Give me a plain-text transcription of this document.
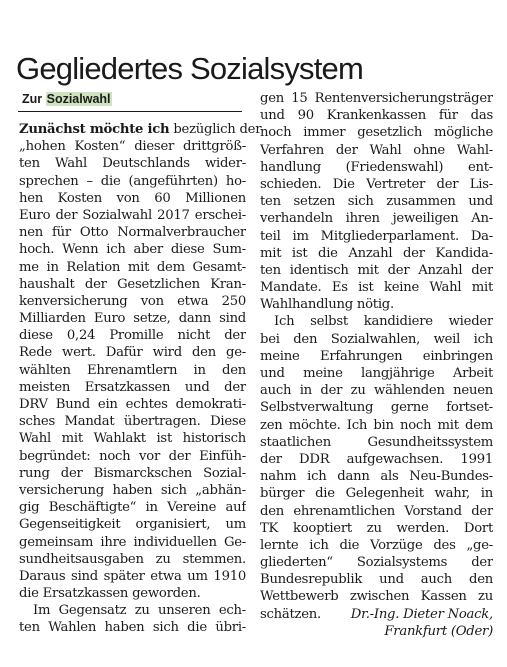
Gegliedertes Sozialsystem
Zur Sozialwahl
Zunächst möchte ich bezüglich der
„hohen Kosten“ dieser drittgröß-
ten Wahl Deutschlands wider-
sprechen – die (angeführten) ho-
hen Kosten von 60 Millionen
Euro der Sozialwahl 2017 erschei-
nen für Otto Normalverbraucher
hoch. Wenn ich aber diese Sum-
me in Relation mit dem Gesamt-
haushalt der Gesetzlichen Kran-
kenversicherung von etwa 250
Milliarden Euro setze, dann sind
diese 0,24 Promille nicht der
Rede wert. Dafür wird den ge-
wählten Ehrenamtlern in den
meisten Ersatzkassen und der
DRV Bund ein echtes demokrati-
sches Mandat übertragen. Diese
Wahl mit Wahlakt ist historisch
begründet: noch vor der Einfüh-
rung der Bismarckschen Sozial-
versicherung haben sich „abhän-
gig Beschäftigte“ in Vereine auf
Gegenseitigkeit organisiert, um
gemeinsam ihre individuellen Ge-
sundheitsausgaben zu stemmen.
Daraus sind später etwa um 1910
die Ersatzkassen geworden.
Im Gegensatz zu unseren ech-
ten Wahlen haben sich die übri-
gen 15 Rentenversicherungsträger
und 90 Krankenkassen für das
noch immer gesetzlich mögliche
Verfahren der Wahl ohne Wahl-
handlung (Friedenswahl) ent-
schieden. Die Vertreter der Lis-
ten setzen sich zusammen und
verhandeln ihren jeweiligen An-
teil im Mitgliederparlament. Da-
mit ist die Anzahl der Kandida-
ten identisch mit der Anzahl der
Mandate. Es ist keine Wahl mit
Wahlhandlung nötig.
Ich selbst kandidiere wieder
bei den Sozialwahlen, weil ich
meine Erfahrungen einbringen
und meine langjährige Arbeit
auch in der zu wählenden neuen
Selbstverwaltung gerne fortset-
zen möchte. Ich bin noch mit dem
staatlichen Gesundheitssystem
der DDR aufgewachsen. 1991
nahm ich dann als Neu-Bundes-
bürger die Gelegenheit wahr, in
den ehrenamtlichen Vorstand der
TK kooptiert zu werden. Dort
lernte ich die Vorzüge des „ge-
gliederten“ Sozialsystems der
Bundesrepublik und auch den
Wettbewerb zwischen Kassen zu
schätzen. Dr.-Ing. Dieter Noack,
Frankfurt (Oder)
